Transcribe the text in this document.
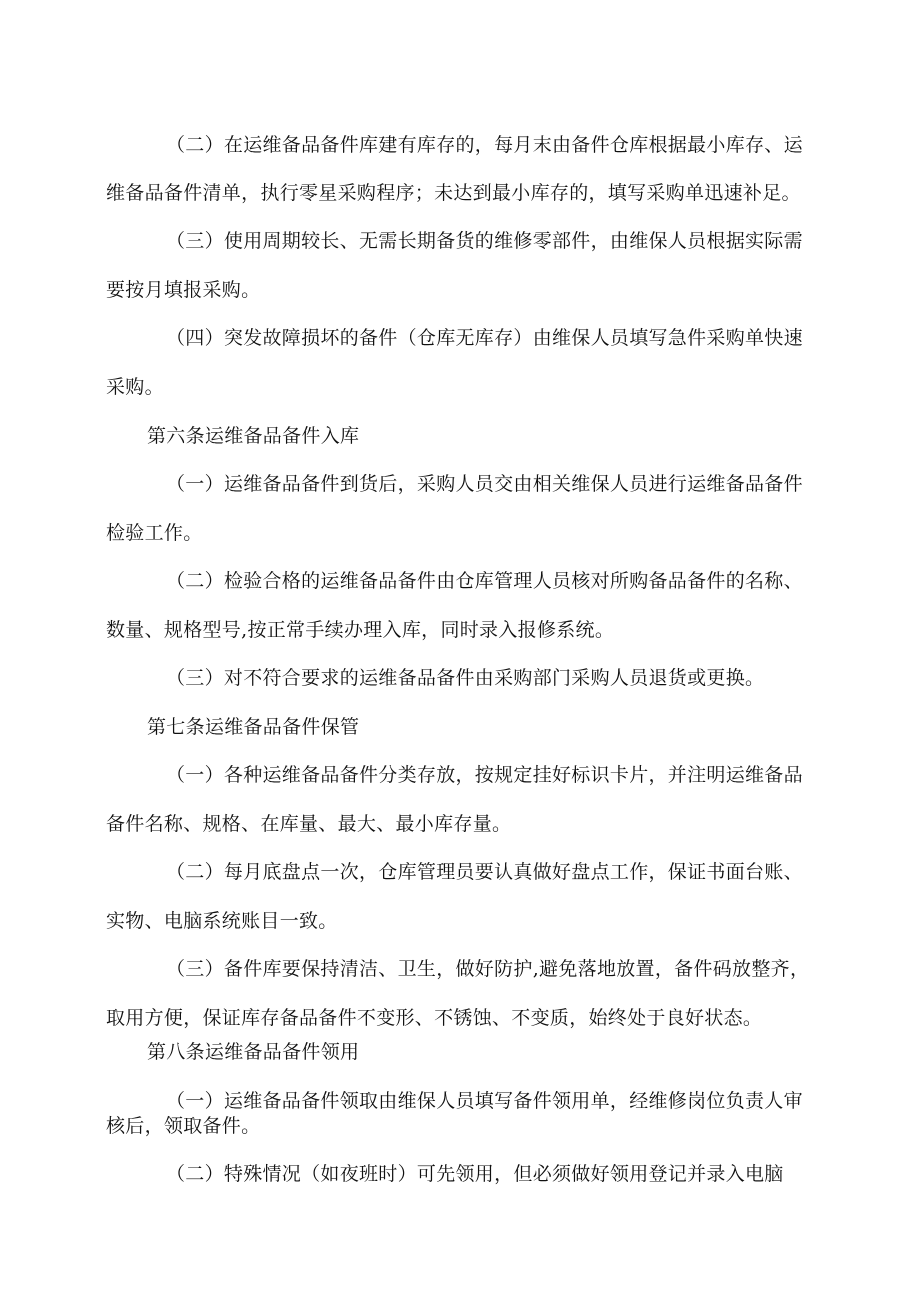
（二）在运维备品备件库建有库存的，每月末由备件仓库根据最小库存、运
维备品备件清单，执行零星采购程序；未达到最小库存的，填写采购单迅速补足。
（三）使用周期较长、无需长期备货的维修零部件，由维保人员根据实际需
要按月填报采购。
（四）突发故障损坏的备件（仓库无库存）由维保人员填写急件采购单快速
采购。
第六条运维备品备件入库
（一）运维备品备件到货后，采购人员交由相关维保人员进行运维备品备件
检验工作。
（二）检验合格的运维备品备件由仓库管理人员核对所购备品备件的名称、
数量、规格型号,按正常手续办理入库，同时录入报修系统。
（三）对不符合要求的运维备品备件由采购部门采购人员退货或更换。
第七条运维备品备件保管
（一）各种运维备品备件分类存放，按规定挂好标识卡片，并注明运维备品
备件名称、规格、在库量、最大、最小库存量。
（二）每月底盘点一次，仓库管理员要认真做好盘点工作，保证书面台账、
实物、电脑系统账目一致。
（三）备件库要保持清洁、卫生，做好防护,避免落地放置，备件码放整齐，
取用方便，保证库存备品备件不变形、不锈蚀、不变质，始终处于良好状态。
第八条运维备品备件领用
（一）运维备品备件领取由维保人员填写备件领用单，经维修岗位负责人审
核后，领取备件。
（二）特殊情况（如夜班时）可先领用，但必须做好领用登记并录入电脑
